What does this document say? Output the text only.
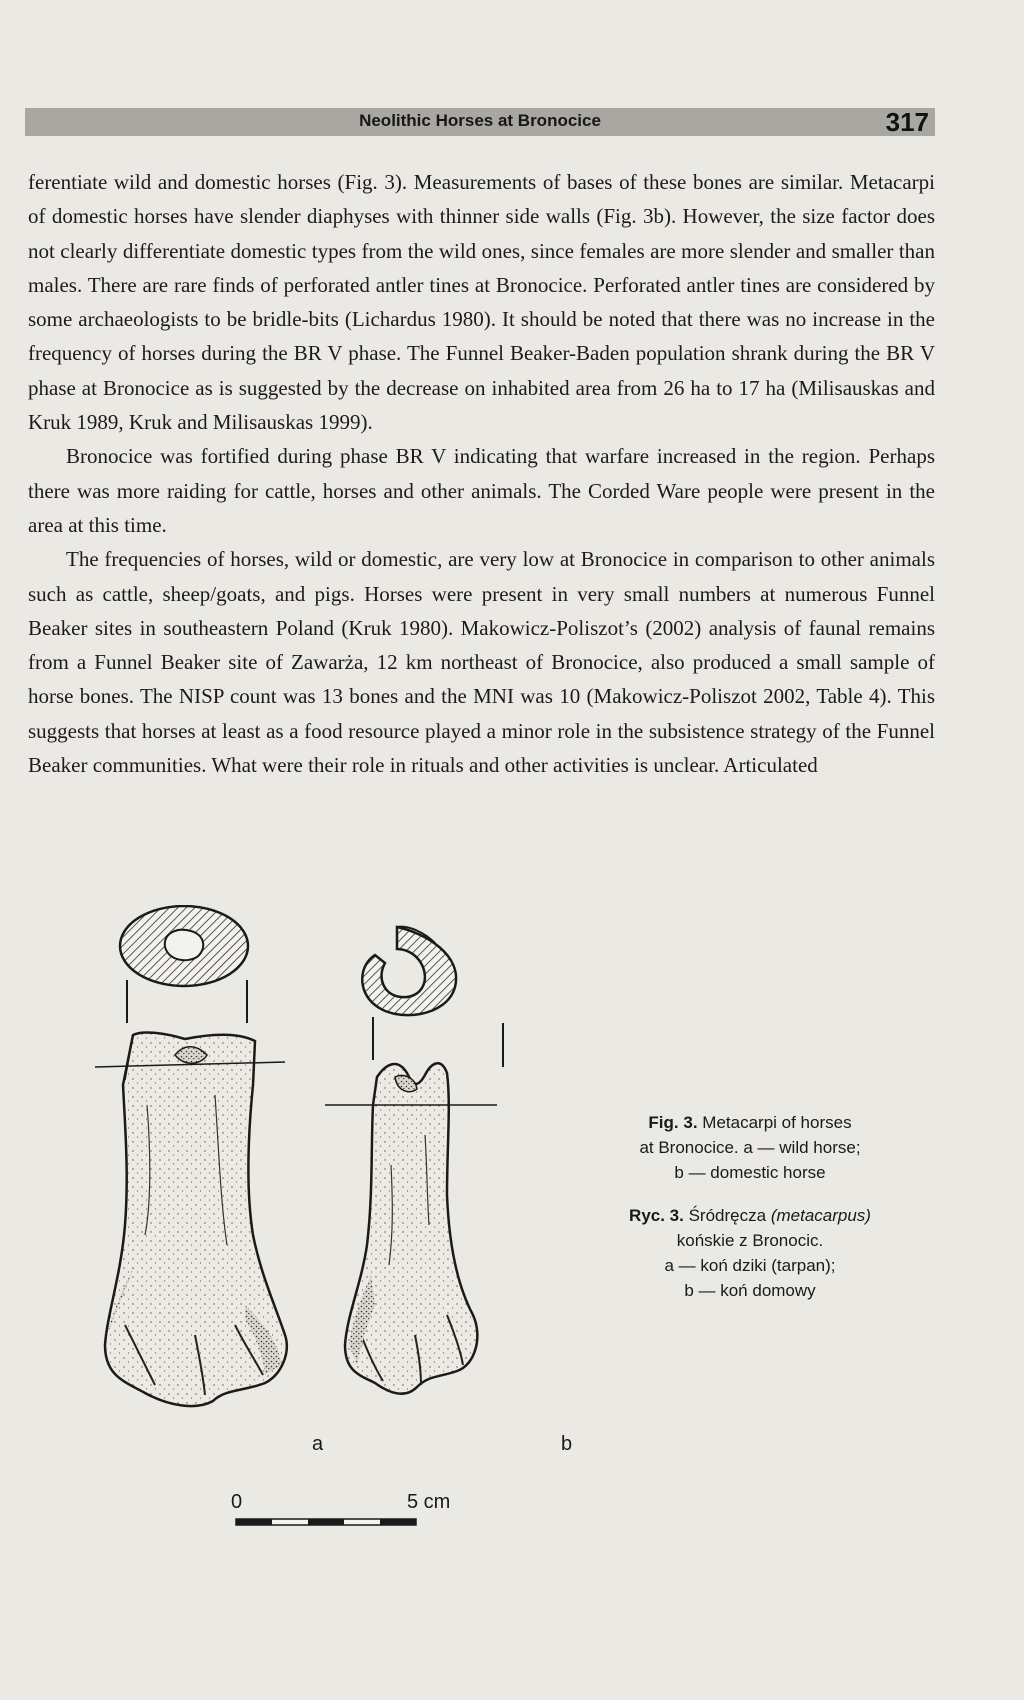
Neolithic Horses at Bronocice	317

ferentiate wild and domestic horses (Fig. 3). Measurements of bases of these bones are similar. Metacarpi of domestic horses have slender diaphyses with thinner side walls (Fig. 3b). However, the size factor does not clearly differentiate domestic types from the wild ones, since females are more slender and smaller than males. There are rare finds of perforated antler tines at Bronocice. Perforated antler tines are considered by some archaeologists to be bridle-bits (Lichardus 1980). It should be noted that there was no increase in the frequency of horses during the BR V phase. The Funnel Beaker-Baden population shrank during the BR V phase at Bronocice as is suggested by the decrease on inhabited area from 26 ha to 17 ha (Milisauskas and Kruk 1989, Kruk and Milisauskas 1999).

Bronocice was fortified during phase BR V indicating that warfare increased in the region. Perhaps there was more raiding for cattle, horses and other animals. The Corded Ware people were present in the area at this time.

The frequencies of horses, wild or domestic, are very low at Bronocice in comparison to other animals such as cattle, sheep/goats, and pigs. Horses were present in very small numbers at numerous Funnel Beaker sites in southeastern Poland (Kruk 1980). Makowicz-Poliszot’s (2002) analysis of faunal remains from a Funnel Beaker site of Zawarża, 12 km northeast of Bronocice, also produced a small sample of horse bones. The NISP count was 13 bones and the MNI was 10 (Makowicz-Poliszot 2002, Table 4). This suggests that horses at least as a food resource played a minor role in the subsistence strategy of the Funnel Beaker communities. What were their role in rituals and other activities is unclear. Articulated

a	b
0	5 cm
Fig. 3. Metacarpi of horses
at Bronocice. a — wild horse;
b — domestic horse
Ryc. 3. Śródręcza (metacarpus)
końskie z Bronocic.
a — koń dziki (tarpan);
b — koń domowy
